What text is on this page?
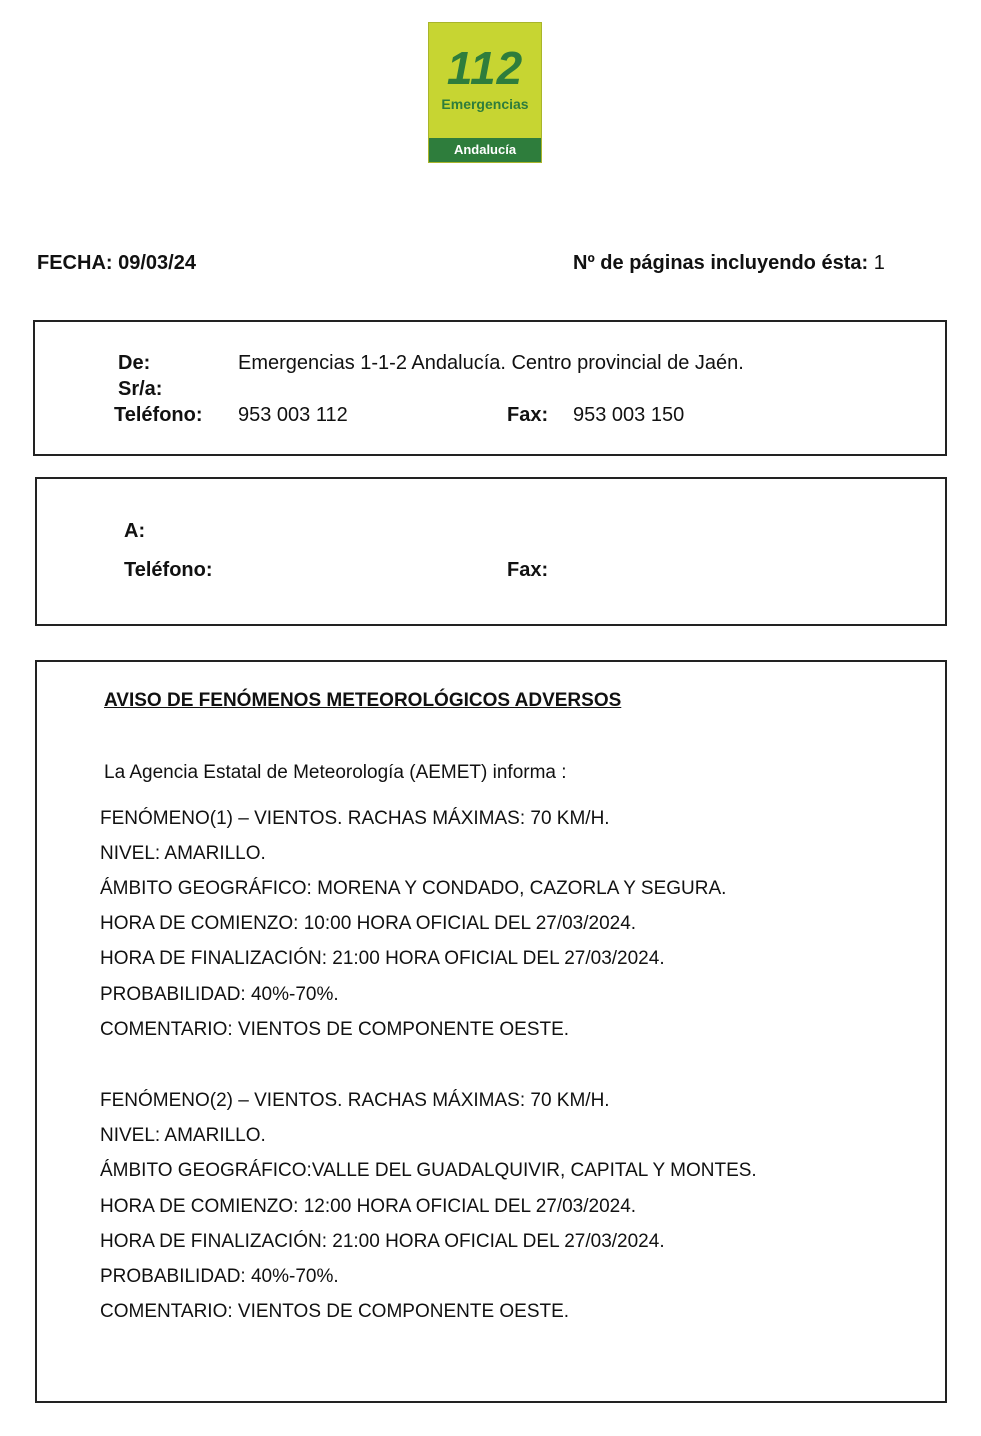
112
Emergencias
Andalucía
FECHA: 09/03/24	Nº de páginas incluyendo ésta: 1
De:	Emergencias 1-1-2 Andalucía. Centro provincial de Jaén.
Sr/a:
Teléfono: 953 003 112	Fax: 953 003 150
A:
Teléfono:	Fax:
AVISO DE FENÓMENOS METEOROLÓGICOS ADVERSOS
La Agencia Estatal de Meteorología (AEMET) informa :
FENÓMENO(1) – VIENTOS. RACHAS MÁXIMAS: 70 KM/H.
NIVEL: AMARILLO.
ÁMBITO GEOGRÁFICO: MORENA Y CONDADO, CAZORLA Y SEGURA.
HORA DE COMIENZO: 10:00 HORA OFICIAL DEL 27/03/2024.
HORA DE FINALIZACIÓN: 21:00 HORA OFICIAL DEL 27/03/2024.
PROBABILIDAD: 40%-70%.
COMENTARIO: VIENTOS DE COMPONENTE OESTE.
FENÓMENO(2) – VIENTOS. RACHAS MÁXIMAS: 70 KM/H.
NIVEL: AMARILLO.
ÁMBITO GEOGRÁFICO:VALLE DEL GUADALQUIVIR, CAPITAL Y MONTES.
HORA DE COMIENZO: 12:00 HORA OFICIAL DEL 27/03/2024.
HORA DE FINALIZACIÓN: 21:00 HORA OFICIAL DEL 27/03/2024.
PROBABILIDAD: 40%-70%.
COMENTARIO: VIENTOS DE COMPONENTE OESTE.
